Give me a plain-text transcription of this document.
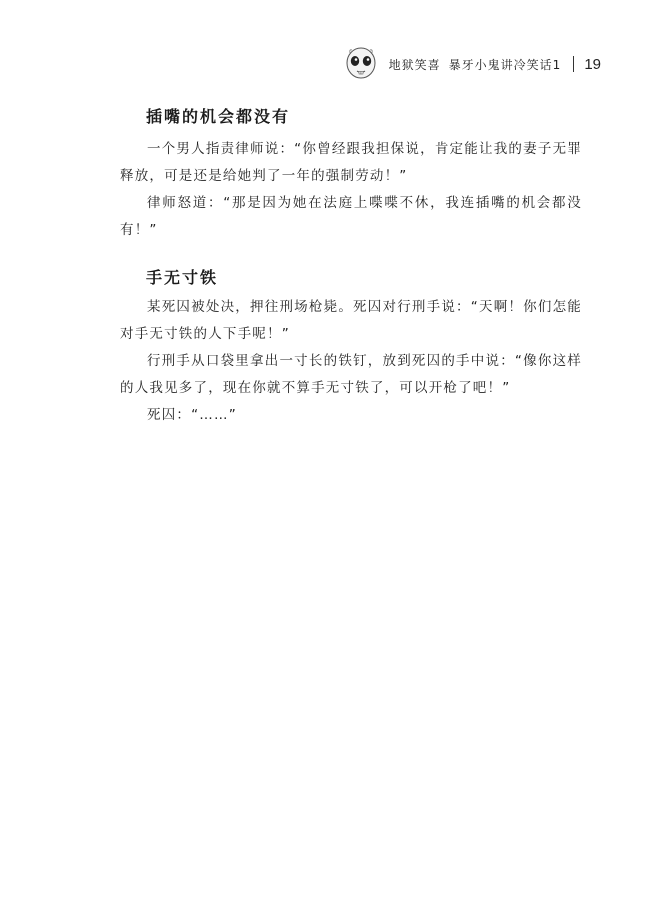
地狱笑喜 暴牙小鬼讲冷笑话1 19
插嘴的机会都没有

一个男人指责律师说：“你曾经跟我担保说，肯定能让我的妻子无罪释放，可是还是给她判了一年的强制劳动！”

律师怒道：“那是因为她在法庭上喋喋不休，我连插嘴的机会都没有！”

手无寸铁

某死囚被处决，押往刑场枪毙。死囚对行刑手说：“天啊！你们怎能对手无寸铁的人下手呢！”

行刑手从口袋里拿出一寸长的铁钉，放到死囚的手中说：“像你这样的人我见多了，现在你就不算手无寸铁了，可以开枪了吧！”

死囚：“……”
